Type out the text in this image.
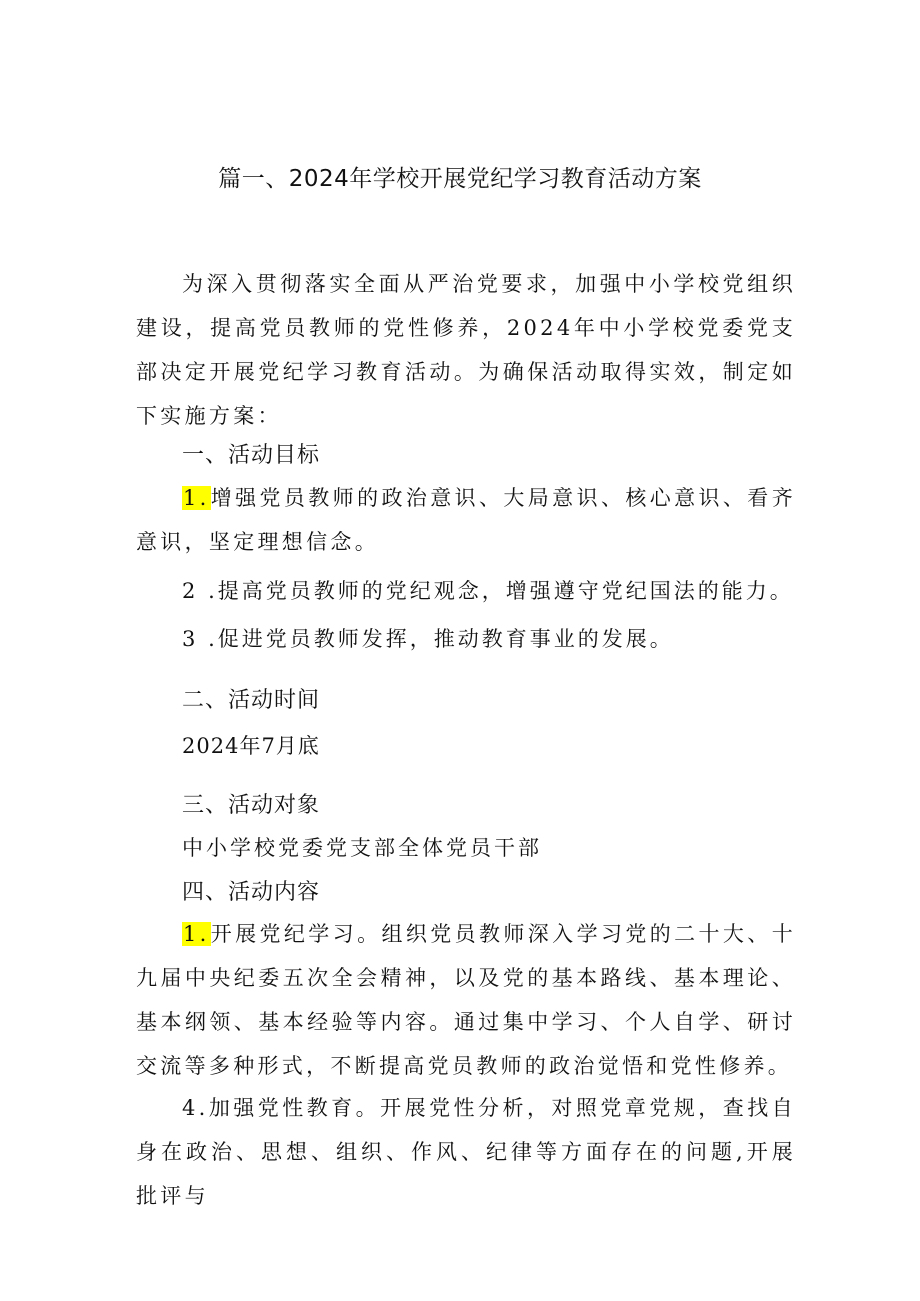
篇一、2024年学校开展党纪学习教育活动方案
为深入贯彻落实全面从严治党要求，加强中小学校党组织建设，提高党员教师的党性修养，2024年中小学校党委党支部决定开展党纪学习教育活动。为确保活动取得实效，制定如下实施方案：
一、活动目标
1.增强党员教师的政治意识、大局意识、核心意识、看齐意识，坚定理想信念。
2 .提高党员教师的党纪观念，增强遵守党纪国法的能力。
3 .促进党员教师发挥，推动教育事业的发展。
二、活动时间
2024年7月底
三、活动对象
中小学校党委党支部全体党员干部
四、活动内容
1.开展党纪学习。组织党员教师深入学习党的二十大、十九届中央纪委五次全会精神，以及党的基本路线、基本理论、基本纲领、基本经验等内容。通过集中学习、个人自学、研讨交流等多种形式，不断提高党员教师的政治觉悟和党性修养。
4.加强党性教育。开展党性分析，对照党章党规，查找自身在政治、思想、组织、作风、纪律等方面存在的问题,开展批评与
